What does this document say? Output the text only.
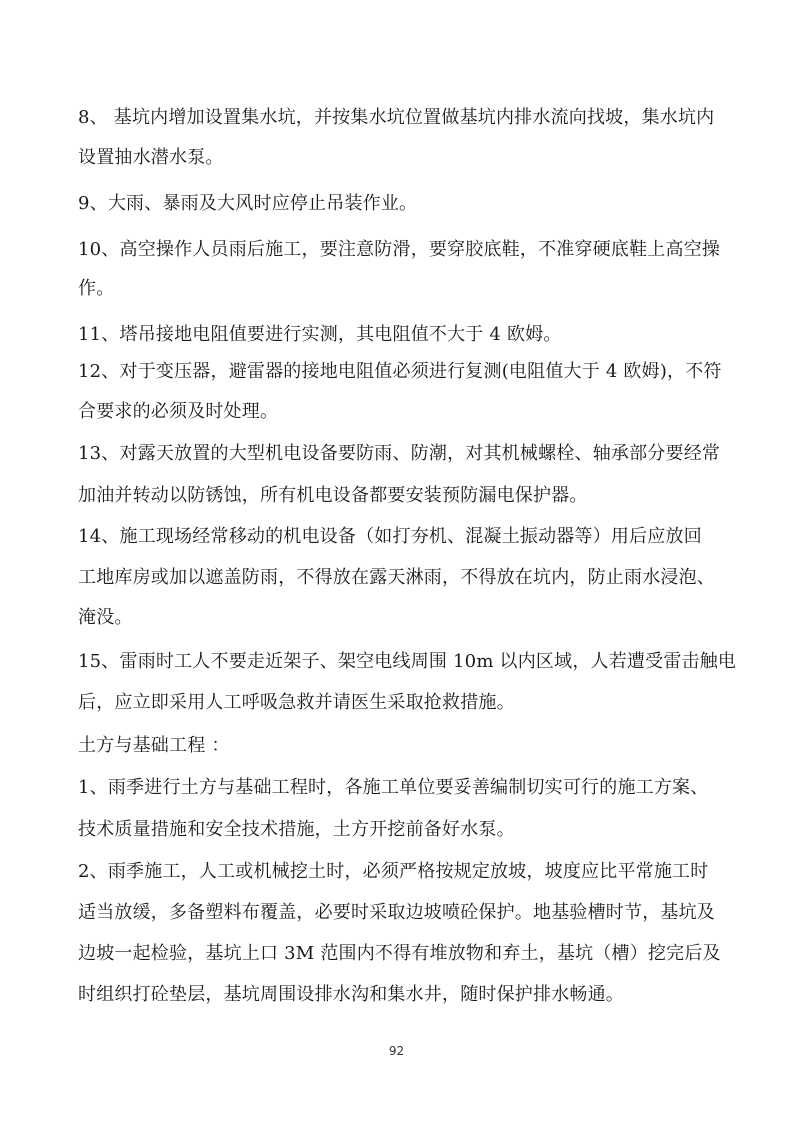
8、 基坑内增加设置集水坑，并按集水坑位置做基坑内排水流向找坡，集水坑内
设置抽水潜水泵。
9、大雨、暴雨及大风时应停止吊装作业。
10、高空操作人员雨后施工，要注意防滑，要穿胶底鞋，不准穿硬底鞋上高空操
作。
11、塔吊接地电阻值要进行实测，其电阻值不大于 4 欧姆。
12、对于变压器，避雷器的接地电阻值必须进行复测(电阻值大于 4 欧姆)，不符
合要求的必须及时处理。
13、对露天放置的大型机电设备要防雨、防潮，对其机械螺栓、轴承部分要经常
加油并转动以防锈蚀，所有机电设备都要安装预防漏电保护器。
14、施工现场经常移动的机电设备（如打夯机、混凝土振动器等）用后应放回
工地库房或加以遮盖防雨，不得放在露天淋雨，不得放在坑内，防止雨水浸泡、
淹没。
15、雷雨时工人不要走近架子、架空电线周围 10m 以内区域，人若遭受雷击触电
后，应立即采用人工呼吸急救并请医生采取抢救措施。
土方与基础工程 ：
1、雨季进行土方与基础工程时，各施工单位要妥善编制切实可行的施工方案、
技术质量措施和安全技术措施，土方开挖前备好水泵。
2、雨季施工，人工或机械挖土时，必须严格按规定放坡，坡度应比平常施工时
适当放缓，多备塑料布覆盖，必要时采取边坡喷砼保护。地基验槽时节，基坑及
边坡一起检验，基坑上口 3M 范围内不得有堆放物和弃土，基坑（槽）挖完后及
时组织打砼垫层，基坑周围设排水沟和集水井，随时保护排水畅通。
92
